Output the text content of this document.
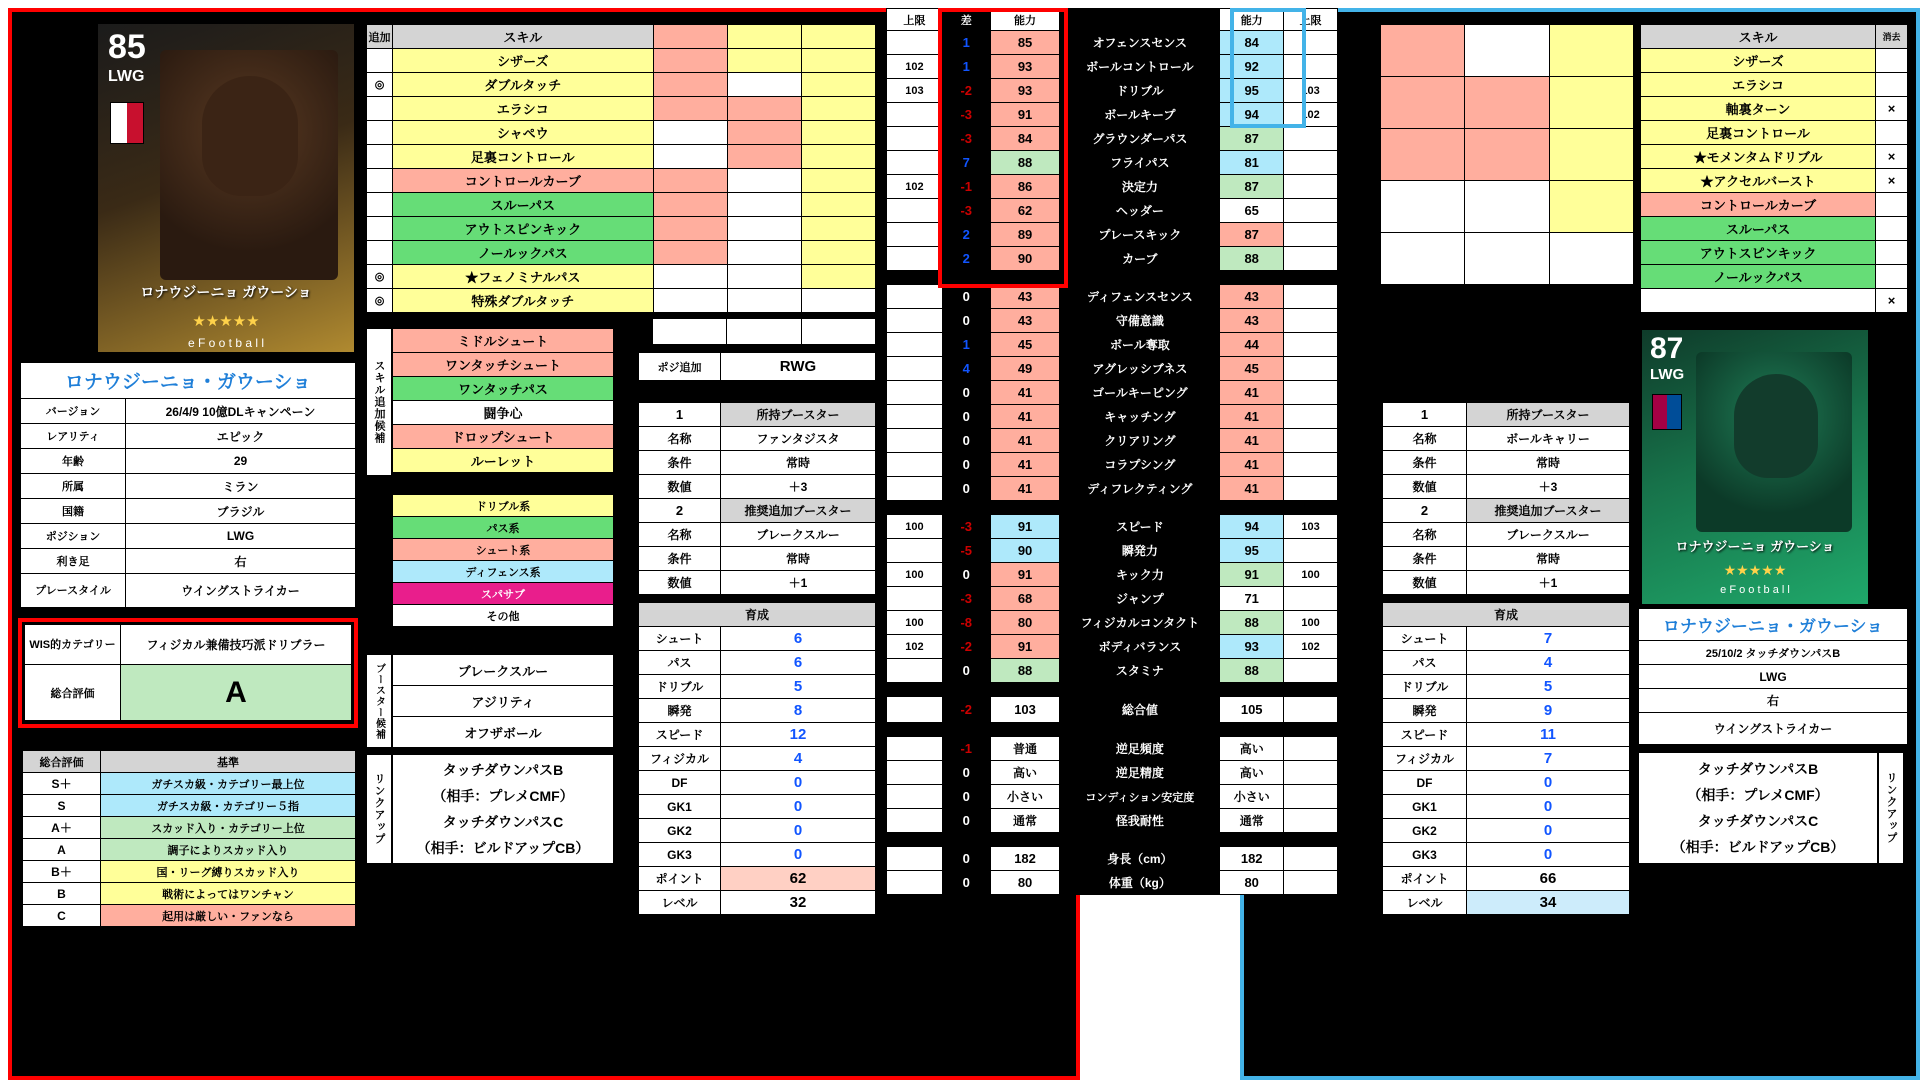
85
LWG
ロナウジーニョ ガウーショ
★★★★★
e F o o t b a l l
ロナウジーニョ・ガウーショ	
バージョン	26/4/9 10億DLキャンペーン
レアリティ	エピック
年齢	29
所属	ミラン
国籍	ブラジル
ポジション	LWG
利き足	右
プレースタイル	ウイングストライカー
WIS的カテゴリー	フィジカル兼備技巧派ドリブラー
総合評価	A
総合評価	基準
S＋	ガチスカ級・カテゴリー最上位
S	ガチスカ級・カテゴリー５指
A＋	スカッド入り・カテゴリー上位
A	調子によりスカッド入り
B＋	国・リーグ縛りスカッド入り
B	戦術によってはワンチャン
C	起用は厳しい・ファンなら
追加	スキル			
	シザーズ			
◎	ダブルタッチ			
	エラシコ			
	シャペウ			
	足裏コントロール			
	コントロールカーブ			
	スルーパス			
	アウトスピンキック			
	ノールックパス			
◎	★フェノミナルパス			
◎	特殊ダブルタッチ			

スキル追加候補
ミドルシュート
ワンタッチシュート
ワンタッチパス
闘争心
ドロップシュート
ルーレット
ドリブル系
パス系
シュート系
ディフェンス系
スパサブ
その他
ブースター候補	ブレークスルー
アジリティ
オフザボール
リンクアップ
タッチダウンパスB
（相手：プレメCMF）
タッチダウンパスC
（相手：ビルドアップCB）
ポジ追加	RWG
1	所持ブースター
名称	ファンタジスタ
条件	常時
数値	＋3
2	推奨追加ブースター
名称	ブレークスルー
条件	常時
数値	＋1
育成	
シュート	6
パス	6
ドリブル	5
瞬発	8
スピード	12
フィジカル	4
DF	0
GK1	0
GK2	0
GK3	0
ポイント	62
レベル	32
上限	差	能力		能力	上限
	1	85	オフェンスセンス	84	
102	1	93	ボールコントロール	92	
103	-2	93	ドリブル	95	103
	-3	91	ボールキープ	94	102
	-3	84	グラウンダーパス	87	
	7	88	フライパス	81	
102	-1	86	決定力	87	
	-3	62	ヘッダー	65	
	2	89	プレースキック	87	
	2	90	カーブ	88	

	0	43	ディフェンスセンス	43	
	0	43	守備意識	43	
	1	45	ボール奪取	44	
	4	49	アグレッシブネス	45	
	0	41	ゴールキーピング	41	
	0	41	キャッチング	41	
	0	41	クリアリング	41	
	0	41	コラプシング	41	
	0	41	ディフレクティング	41	

100	-3	91	スピード	94	103
	-5	90	瞬発力	95	
100	0	91	キック力	91	100
	-3	68	ジャンプ	71	
100	-8	80	フィジカルコンタクト	88	100
102	-2	91	ボディバランス	93	102
	0	88	スタミナ	88	

	-2	103	総合値	105	

	-1	普通	逆足頻度	高い	
	0	高い	逆足精度	高い	
	0	小さい	コンディション安定度	小さい	
	0	通常	怪我耐性	通常	

	0	182	身長（cm）	182	
	0	80	体重（kg）	80	

スキル	消去
シザーズ	
エラシコ	
軸裏ターン	×
足裏コントロール	
★モメンタムドリブル	×
★アクセルバースト	×
コントロールカーブ	
スルーパス	
アウトスピンキック	
ノールックパス	
	×
87
LWG
ロナウジーニョ ガウーショ
★★★★★
e F o o t b a l l
ロナウジーニョ・ガウーショ
25/10/2 タッチダウンパスB
LWG
右
ウイングストライカー
タッチダウンパスB
（相手：プレメCMF）
タッチダウンパスC
（相手：ビルドアップCB）
リンクアップ
1	所持ブースター
名称	ボールキャリー
条件	常時
数値	＋3
2	推奨追加ブースター
名称	ブレークスルー
条件	常時
数値	＋1
育成	
シュート	7
パス	4
ドリブル	5
瞬発	9
スピード	11
フィジカル	7
DF	0
GK1	0
GK2	0
GK3	0
ポイント	66
レベル	34
